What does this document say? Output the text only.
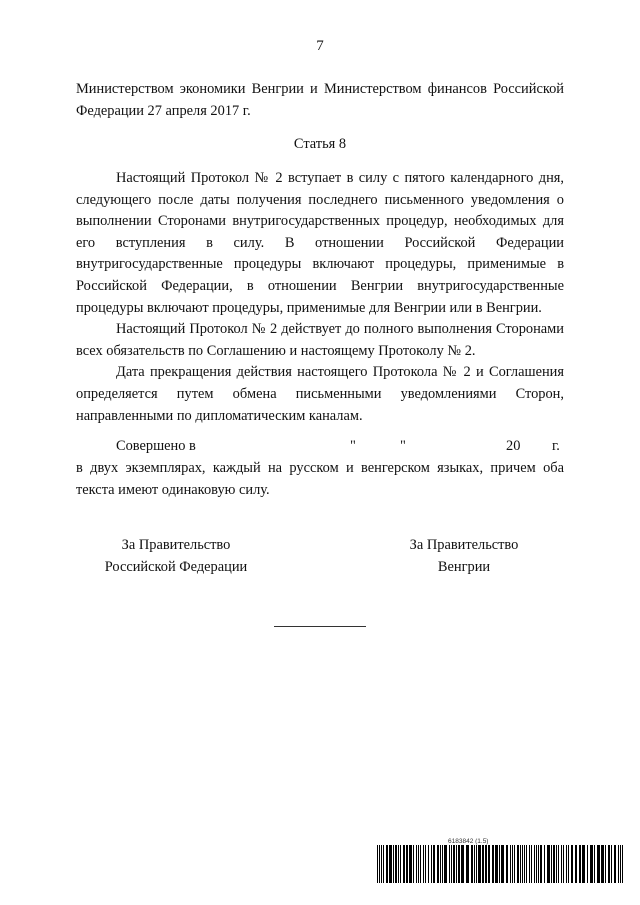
7

Министерством экономики Венгрии и Министерством финансов Российской Федерации 27 апреля 2017 г.

Статья 8

Настоящий Протокол № 2 вступает в силу с пятого календарного дня, следующего после даты получения последнего письменного уведомления о выполнении Сторонами внутригосударственных процедур, необходимых для его вступления в силу. В отношении Российской Федерации внутригосударственные процедуры включают процедуры, применимые в Российской Федерации, в отношении Венгрии внутригосударственные процедуры включают процедуры, применимые для Венгрии или в Венгрии.

Настоящий Протокол № 2 действует до полного выполнения Сторонами всех обязательств по Соглашению и настоящему Протоколу № 2.

Дата прекращения действия настоящего Протокола № 2 и Соглашения определяется путем обмена письменными уведомлениями Сторон, направленными по дипломатическим каналам.

Совершено в	"	"	20 г.

в двух экземплярах, каждый на русском и венгерском языках, причем оба текста имеют одинаковую силу.

За Правительство
Российской Федерации
За Правительство
Венгрии
6183842 (1.5)
